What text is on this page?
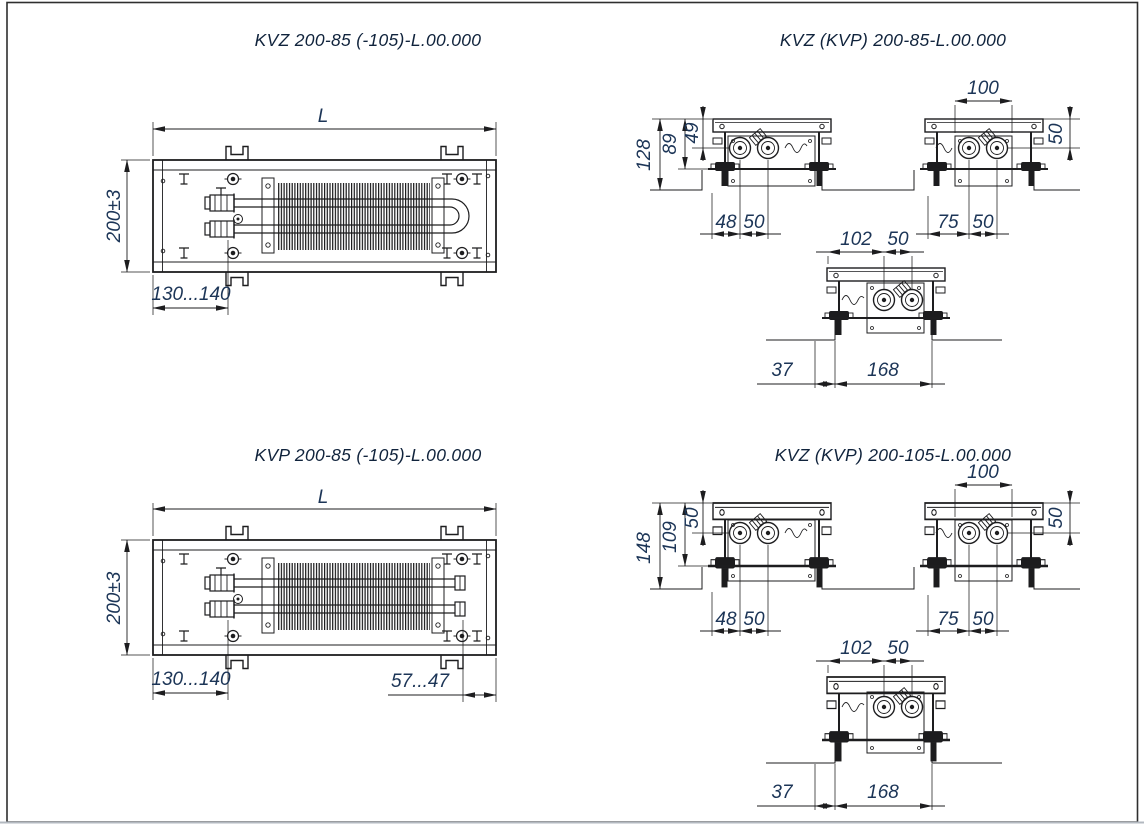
KVZ 200-85 (-105)-L.00.000
L
200±3
130...140
KVP 200-85 (-105)-L.00.000
L
200±3
130...140	57...47
KVZ (KVP) 200-85-L.00.000
128 89
49
48 50
100
50
75 50
102 50
37	168
KVZ (KVP) 200-105-L.00.000
148 109
50
48 50
100
50
75 50
102 50
37	168
